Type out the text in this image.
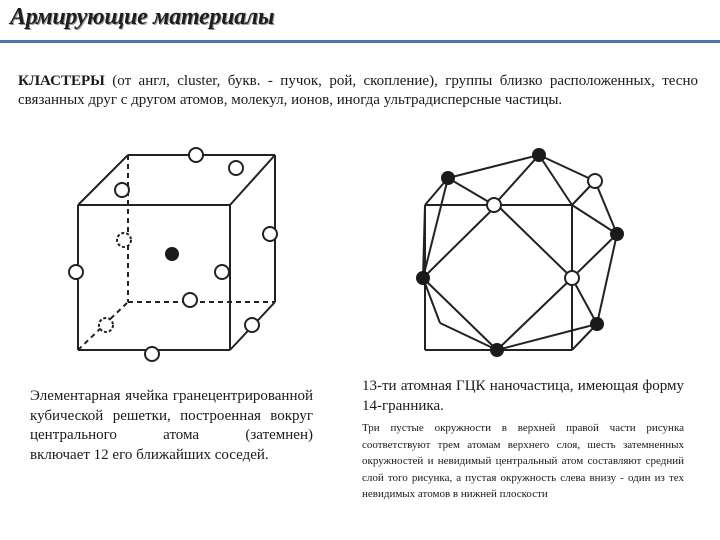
Армирующие материалы
КЛАСТЕРЫ (от англ, cluster, букв. - пучок, рой, скопление), группы близко расположенных, тесно связанных друг с другом атомов, молекул, ионов, иногда ультрадисперсные частицы.
Элементарная ячейка гранецентрированной кубической решетки, построенная вокруг центрального атома (затемнен)
включает 12 его ближайших соседей.
13-ти атомная ГЦК наночастица, имеющая форму 14-гранника.
Три пустые окружности в верхней правой части рисунка соответствуют трем атомам верхнего слоя, шесть затемненных окружностей и невидимый центральный атом составляют средний слой того рисунка, а пустая окружность слева внизу - один из тех невидимых атомов в нижней плоскости
